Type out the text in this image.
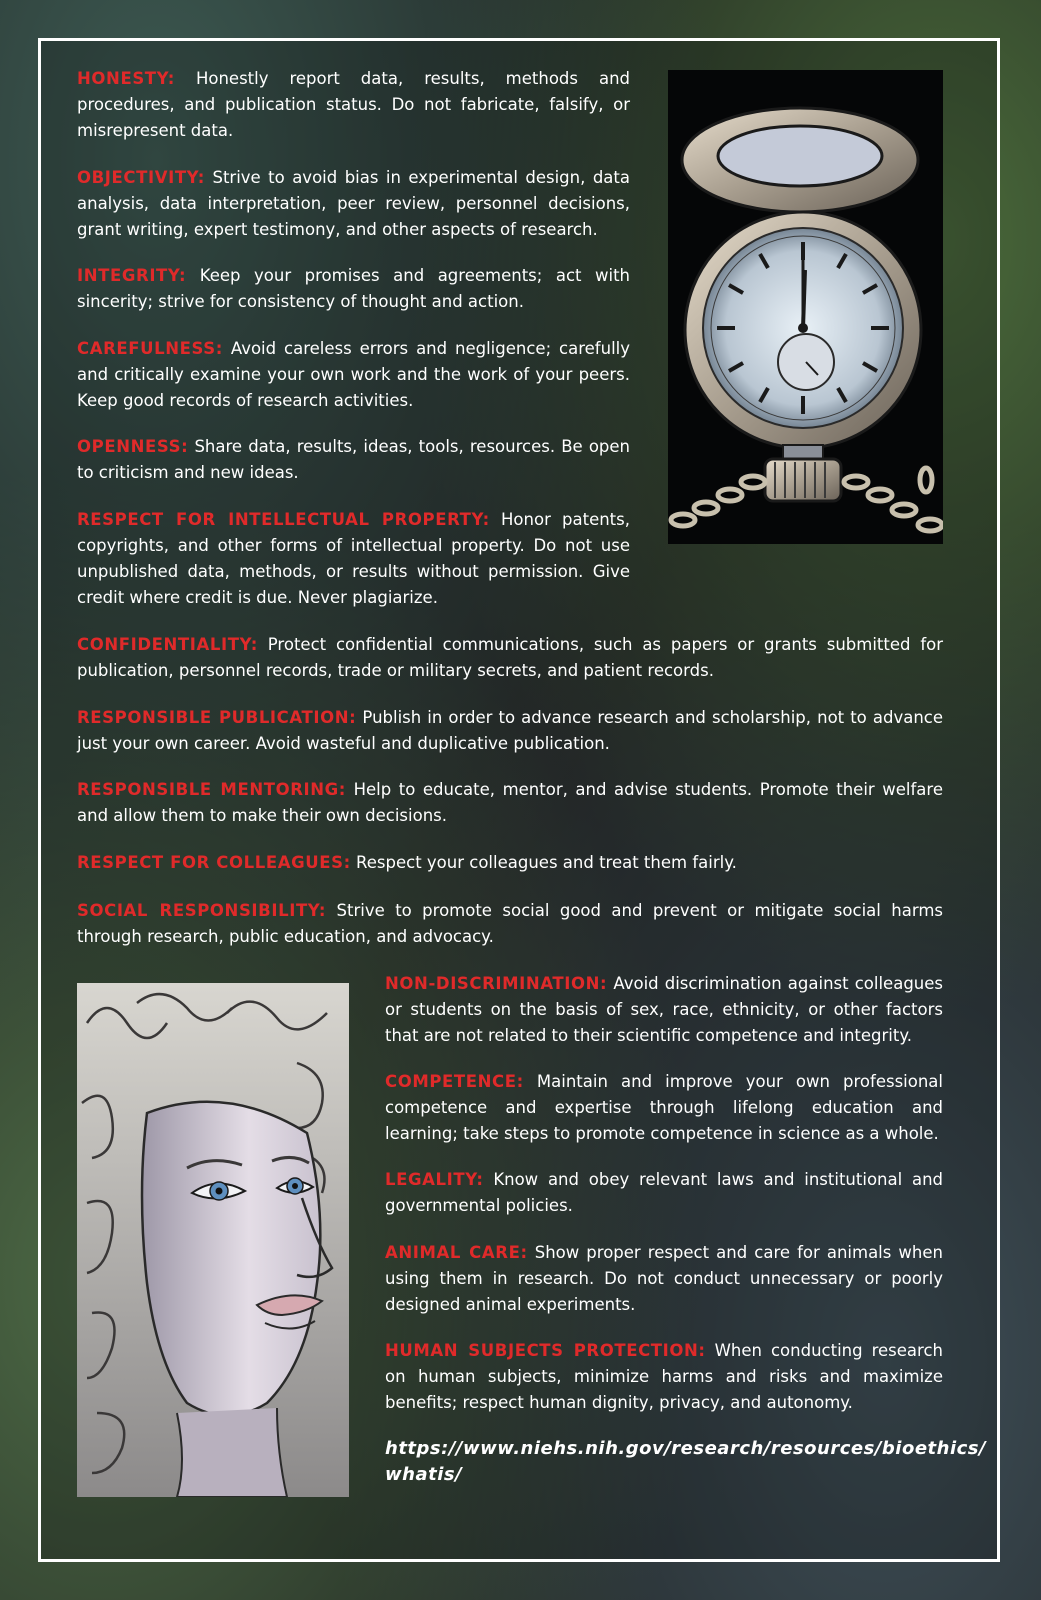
HONESTY: Honestly report data, results, methods and procedures, and publication status. Do not fabricate, falsify, or misrepresent data.

OBJECTIVITY: Strive to avoid bias in experimental design, data analysis, data interpretation, peer review, personnel decisions, grant writing, expert testimony, and other aspects of research.

INTEGRITY: Keep your promises and agreements; act with sincerity; strive for consistency of thought and action.

CAREFULNESS: Avoid careless errors and negligence; carefully and critically examine your own work and the work of your peers. Keep good records of research activities.

OPENNESS: Share data, results, ideas, tools, resources. Be open to criticism and new ideas.

RESPECT FOR INTELLECTUAL PROPERTY: Honor patents, copyrights, and other forms of intellectual property. Do not use unpublished data, methods, or results without permission. Give credit where credit is due. Never plagiarize.

CONFIDENTIALITY: Protect confidential communications, such as papers or grants submitted for publication, personnel records, trade or military secrets, and patient records.

RESPONSIBLE PUBLICATION: Publish in order to advance research and scholarship, not to advance just your own career. Avoid wasteful and duplicative publication.

RESPONSIBLE MENTORING: Help to educate, mentor, and advise students. Promote their welfare and allow them to make their own decisions.

RESPECT FOR COLLEAGUES: Respect your colleagues and treat them fairly.

SOCIAL RESPONSIBILITY: Strive to promote social good and prevent or mitigate social harms through research, public education, and advocacy.

NON-DISCRIMINATION: Avoid discrimination against colleagues or students on the basis of sex, race, ethnicity, or other factors that are not related to their scientific competence and integrity.

COMPETENCE: Maintain and improve your own professional competence and expertise through lifelong education and learning; take steps to promote competence in science as a whole.

LEGALITY: Know and obey relevant laws and institutional and governmental policies.

ANIMAL CARE: Show proper respect and care for animals when using them in research. Do not conduct unnecessary or poorly designed animal experiments.

HUMAN SUBJECTS PROTECTION: When conducting research on human subjects, minimize harms and risks and maximize benefits; respect human dignity, privacy, and autonomy.

https://www.niehs.nih.gov/research/resources/bioethics/ whatis/
